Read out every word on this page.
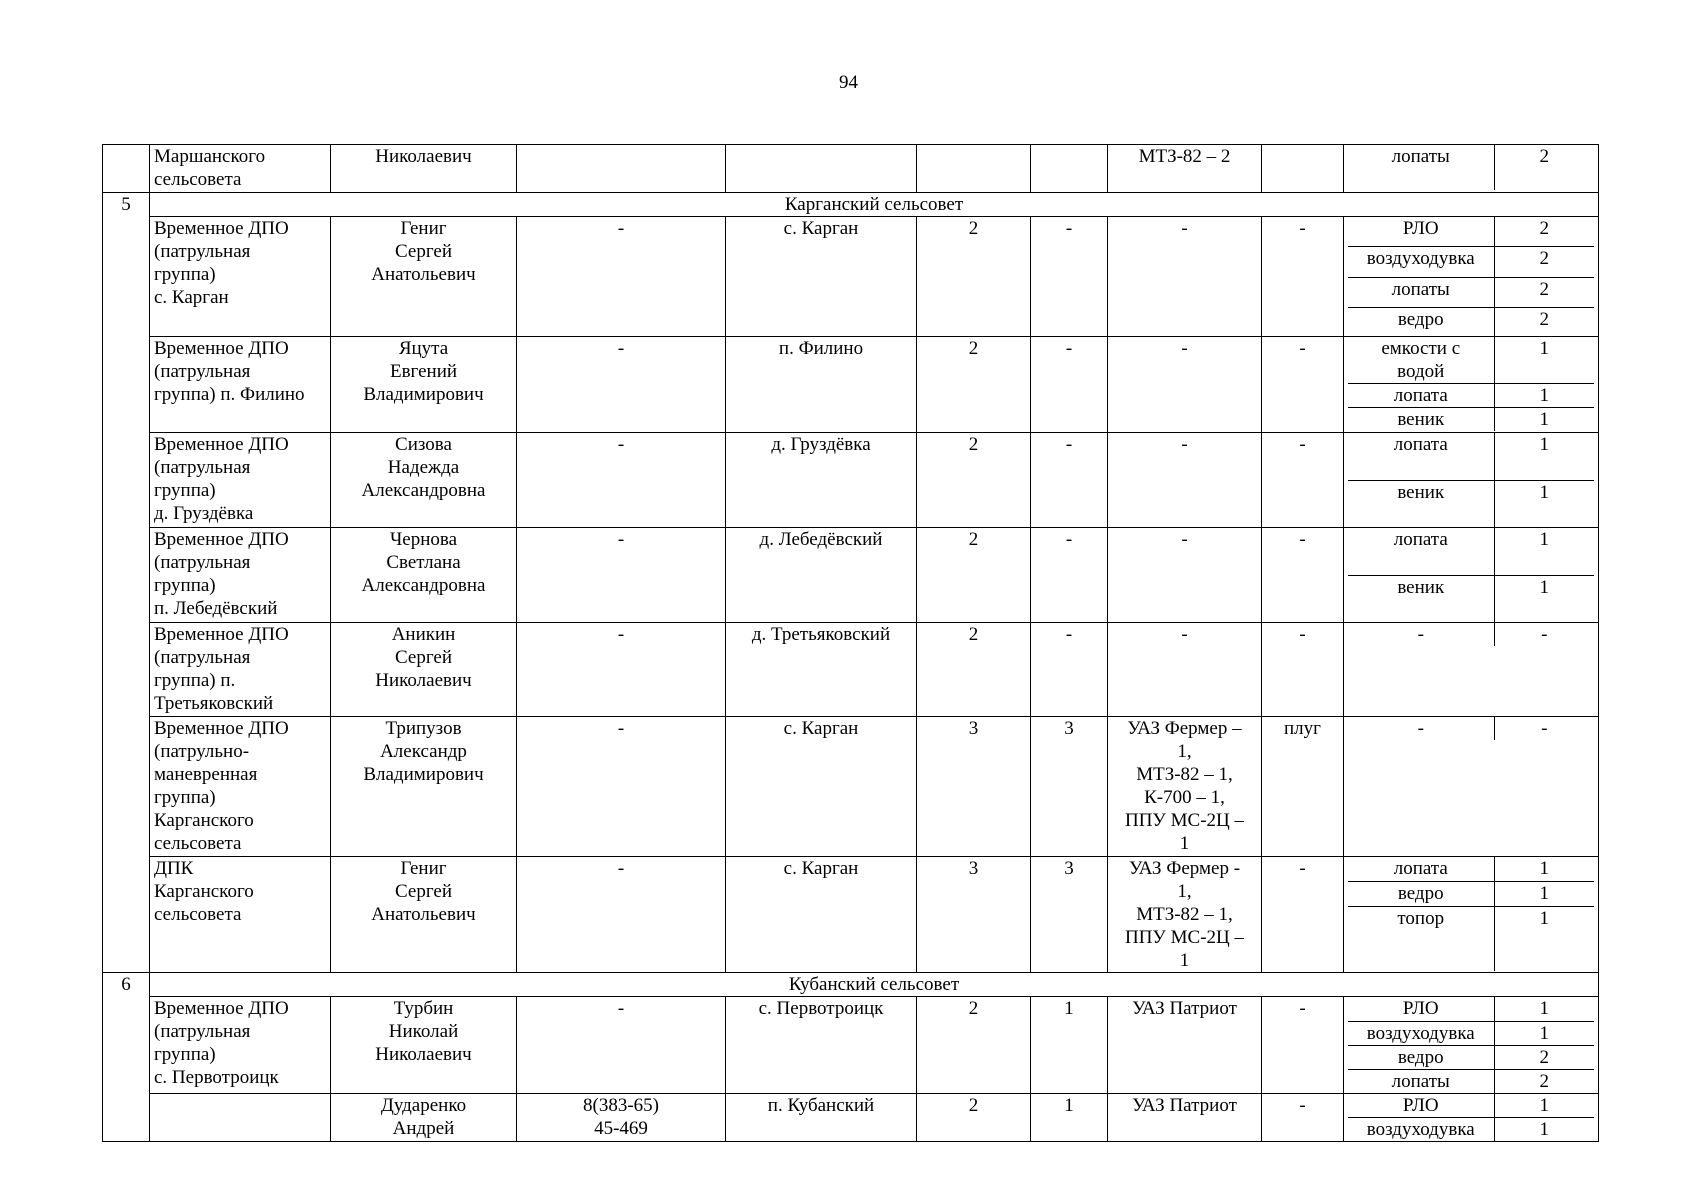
94
	Маршанского
сельсовета	Николаевич					МТЗ-82 – 2			лопаты	2

5	Карганский сельсовет
Временное ДПО
(патрульная
группа)
с. Карган	Гениг
Сергей
Анатольевич	-	с. Карган	2	-	-	-		РЛО	2
воздуходувка	2
лопаты	2
ведро	2

Временное ДПО
(патрульная
группа) п. Филино	Яцута
Евгений
Владимирович	-	п. Филино	2	-	-	-		емкости с
водой	1
лопата	1
веник	1

Временное ДПО
(патрульная
группа)
д. Груздёвка	Сизова
Надежда
Александровна	-	д. Груздёвка	2	-	-	-		лопата	1
веник	1

Временное ДПО
(патрульная
группа)
п. Лебедёвский	Чернова
Светлана
Александровна	-	д. Лебедёвский	2	-	-	-		лопата	1
веник	1

Временное ДПО
(патрульная
группа) п.
Третьяковский	Аникин
Сергей
Николаевич	-	д. Третьяковский	2	-	-	-		-	-

Временное ДПО
(патрульно-
маневренная
группа)
Карганского
сельсовета	Трипузов
Александр
Владимирович	-	с. Карган	3	3	УАЗ Фермер –
1,
МТЗ-82 – 1,
К-700 – 1,
ППУ МС-2Ц –
1	плуг		-	-

ДПК
Карганского
сельсовета	Гениг
Сергей
Анатольевич	-	с. Карган	3	3	УАЗ Фермер -
1,
МТЗ-82 – 1,
ППУ МС-2Ц –
1	-		лопата	1
ведро	1
топор	1

6	Кубанский сельсовет
Временное ДПО
(патрульная
группа)
с. Первотроицк	Турбин
Николай
Николаевич	-	с. Первотроицк	2	1	УАЗ Патриот	-		РЛО	1
воздуходувка	1
ведро	2
лопаты	2

	Дударенко
Андрей	8(383-65)
45-469	п. Кубанский	2	1	УАЗ Патриот	-		РЛО	1
воздуходувка	1
